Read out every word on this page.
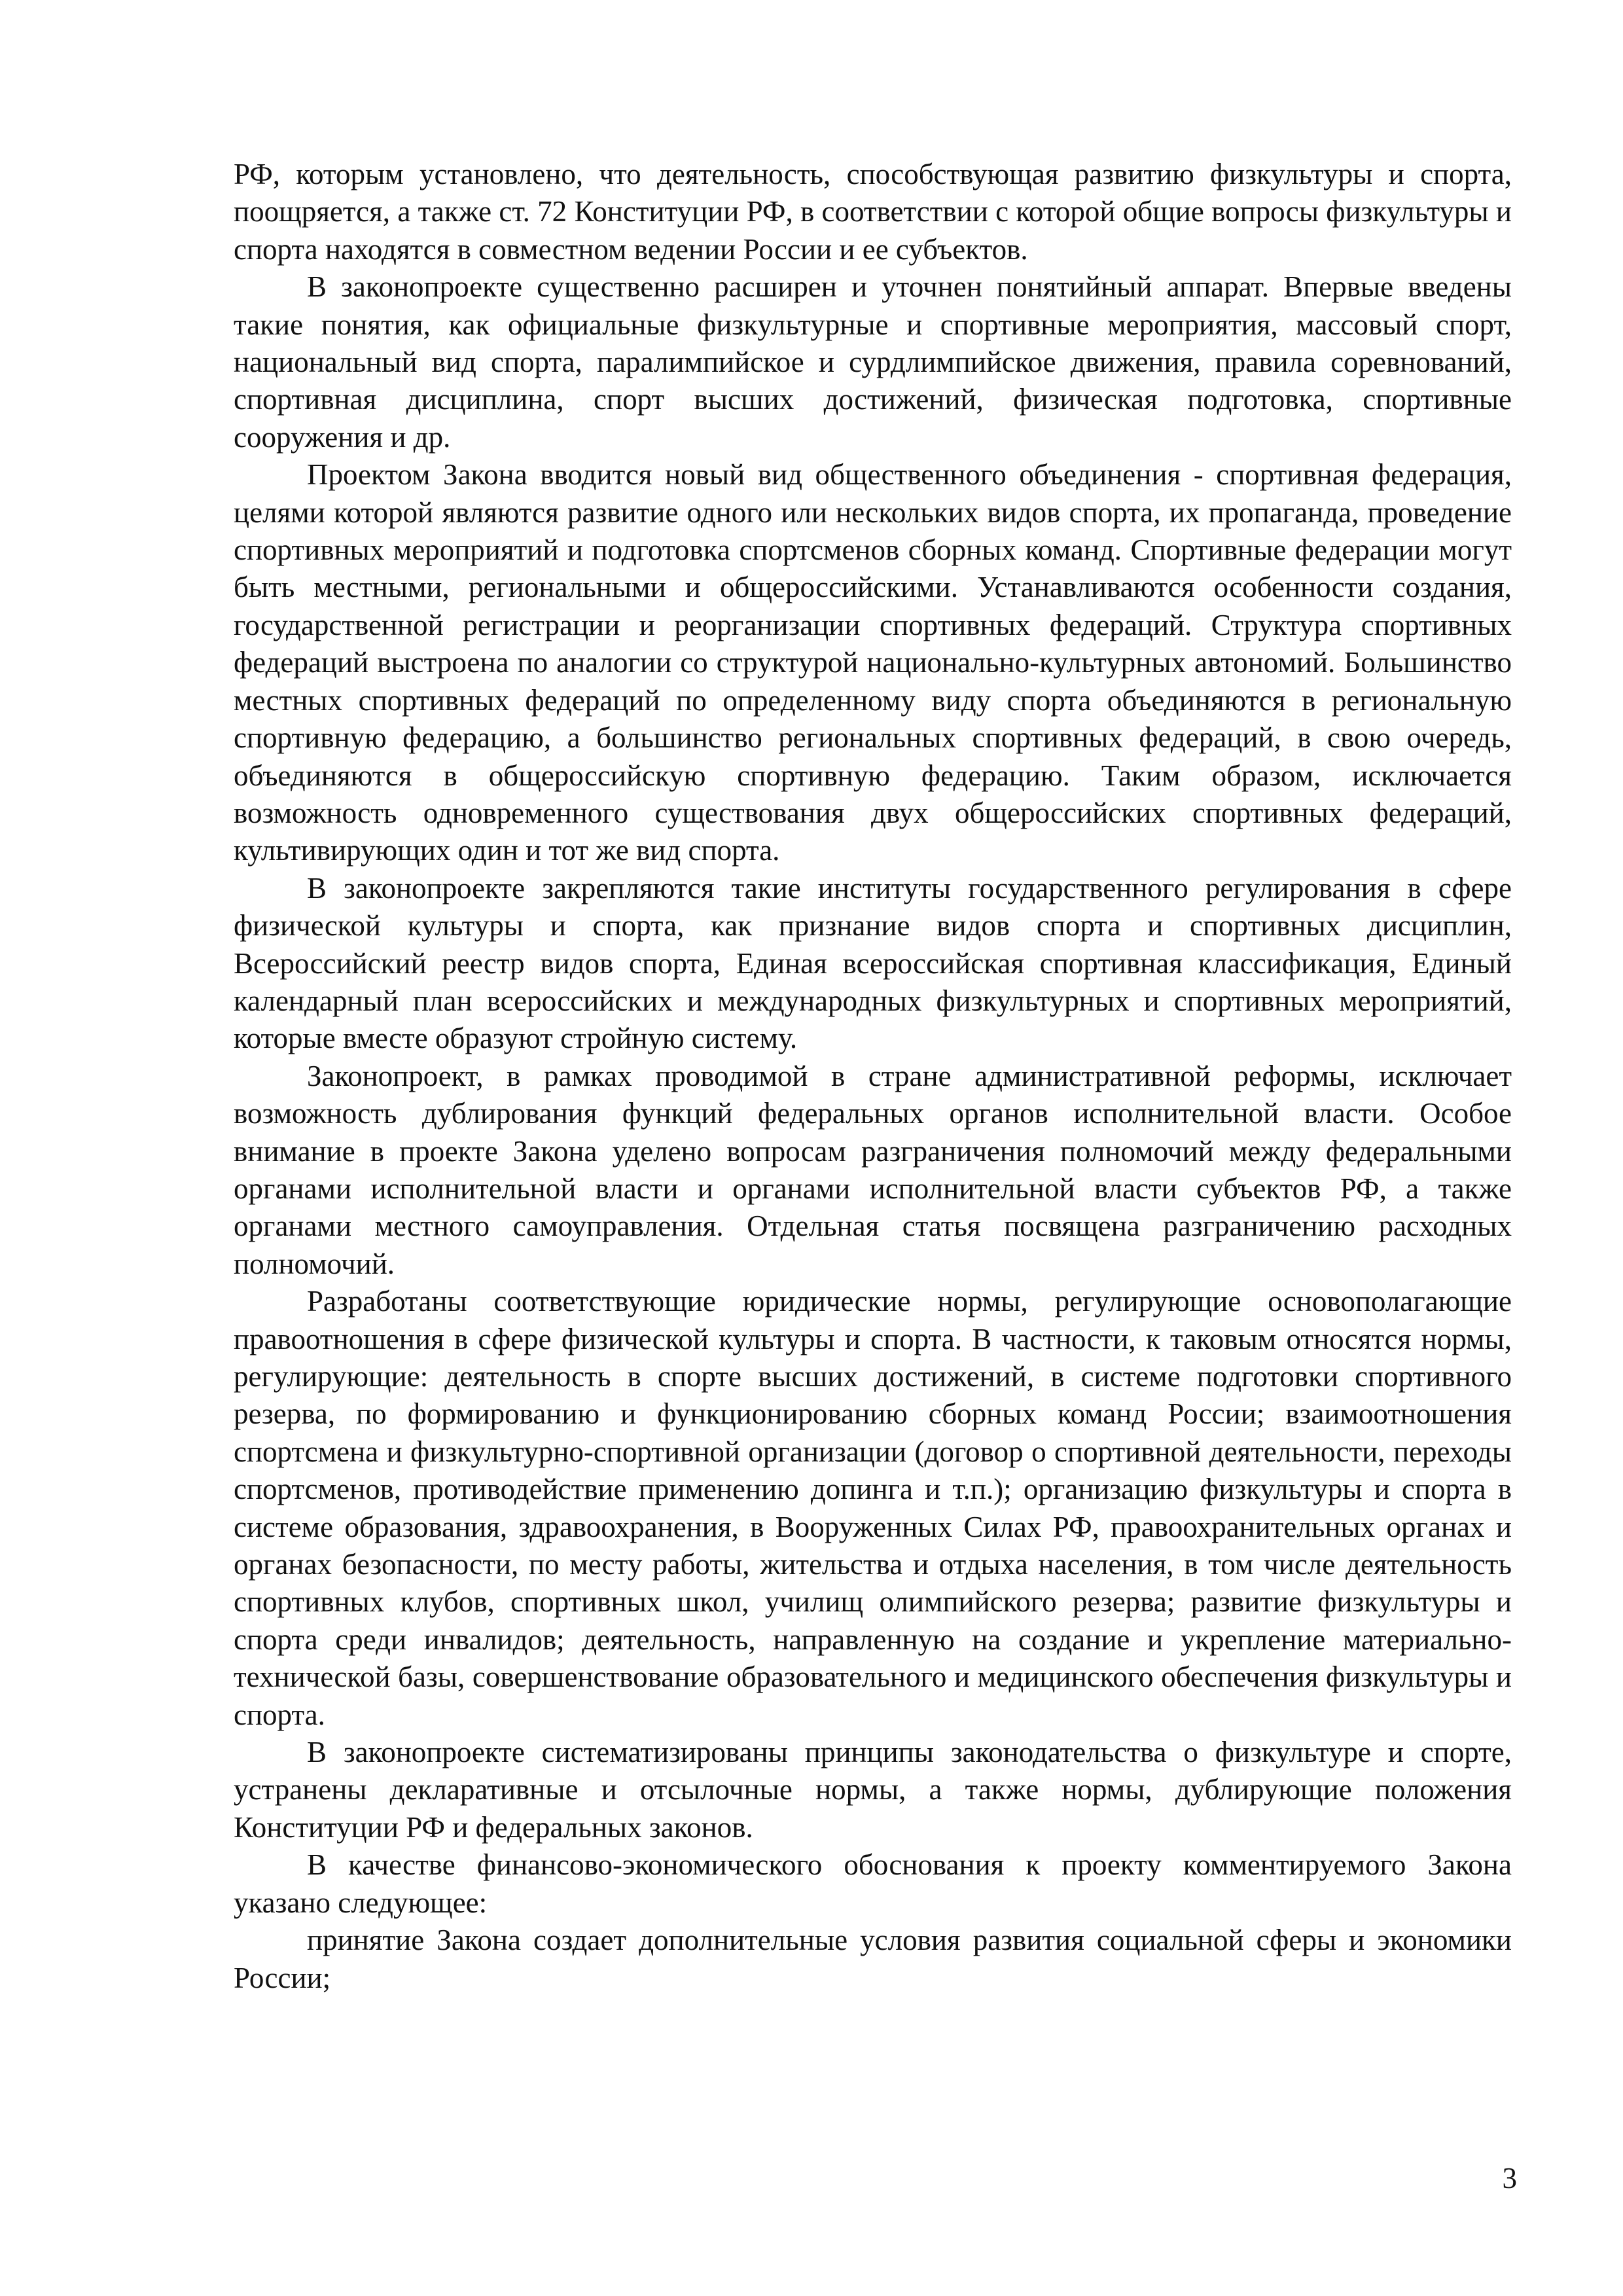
РФ, которым установлено, что деятельность, способствующая развитию физкультуры и спорта, поощряется, а также ст. 72 Конституции РФ, в соответствии с которой общие вопросы физкультуры и спорта находятся в совместном ведении России и ее субъектов.

В законопроекте существенно расширен и уточнен понятийный аппарат. Впервые введены такие понятия, как официальные физкультурные и спортивные мероприятия, массовый спорт, национальный вид спорта, паралимпийское и сурдлимпийское движения, правила соревнований, спортивная дисциплина, спорт высших достижений, физическая подготовка, спортивные сооружения и др.

Проектом Закона вводится новый вид общественного объединения - спортивная федерация, целями которой являются развитие одного или нескольких видов спорта, их пропаганда, проведение спортивных мероприятий и подготовка спортсменов сборных команд. Спортивные федерации могут быть местными, региональными и общероссийскими. Устанавливаются особенности создания, государственной регистрации и реорганизации спортивных федераций. Структура спортивных федераций выстроена по аналогии со структурой национально-культурных автономий. Большинство местных спортивных федераций по определенному виду спорта объединяются в региональную спортивную федерацию, а большинство региональных спортивных федераций, в свою очередь, объединяются в общероссийскую спортивную федерацию. Таким образом, исключается возможность одновременного существования двух общероссийских спортивных федераций, культивирующих один и тот же вид спорта.

В законопроекте закрепляются такие институты государственного регулирования в сфере физической культуры и спорта, как признание видов спорта и спортивных дисциплин, Всероссийский реестр видов спорта, Единая всероссийская спортивная классификация, Единый календарный план всероссийских и международных физкультурных и спортивных мероприятий, которые вместе образуют стройную систему.

Законопроект, в рамках проводимой в стране административной реформы, исключает возможность дублирования функций федеральных органов исполнительной власти. Особое внимание в проекте Закона уделено вопросам разграничения полномочий между федеральными органами исполнительной власти и органами исполнительной власти субъектов РФ, а также органами местного самоуправления. Отдельная статья посвящена разграничению расходных полномочий.

Разработаны соответствующие юридические нормы, регулирующие основополагающие правоотношения в сфере физической культуры и спорта. В частности, к таковым относятся нормы, регулирующие: деятельность в спорте высших достижений, в системе подготовки спортивного резерва, по формированию и функционированию сборных команд России; взаимоотношения спортсмена и физкультурно-спортивной организации (договор о спортивной деятельности, переходы спортсменов, противодействие применению допинга и т.п.); организацию физкультуры и спорта в системе образования, здравоохранения, в Вооруженных Силах РФ, правоохранительных органах и органах безопасности, по месту работы, жительства и отдыха населения, в том числе деятельность спортивных клубов, спортивных школ, училищ олимпийского резерва; развитие физкультуры и спорта среди инвалидов; деятельность, направленную на создание и укрепление материально-технической базы, совершенствование образовательного и медицинского обеспечения физкультуры и спорта.

В законопроекте систематизированы принципы законодательства о физкультуре и спорте, устранены декларативные и отсылочные нормы, а также нормы, дублирующие положения Конституции РФ и федеральных законов.

В качестве финансово-экономического обоснования к проекту комментируемого Закона указано следующее:

принятие Закона создает дополнительные условия развития социальной сферы и экономики России;

3
